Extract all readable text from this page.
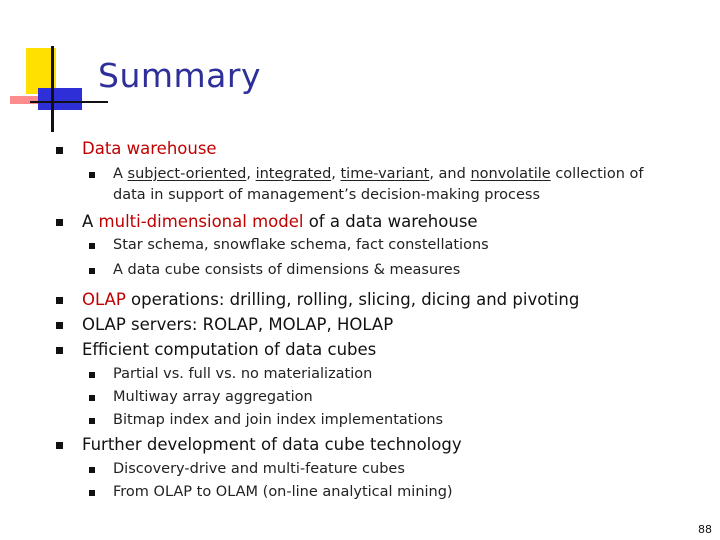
Summary
Data warehouse
A subject-oriented, integrated, time-variant, and nonvolatile collection of
data in support of management’s decision-making process
A multi-dimensional model of a data warehouse
Star schema, snowflake schema, fact constellations
A data cube consists of dimensions & measures
OLAP operations: drilling, rolling, slicing, dicing and pivoting
OLAP servers: ROLAP, MOLAP, HOLAP
Efficient computation of data cubes
Partial vs. full vs. no materialization
Multiway array aggregation
Bitmap index and join index implementations
Further development of data cube technology
Discovery-drive and multi-feature cubes
From OLAP to OLAM (on-line analytical mining)
88
